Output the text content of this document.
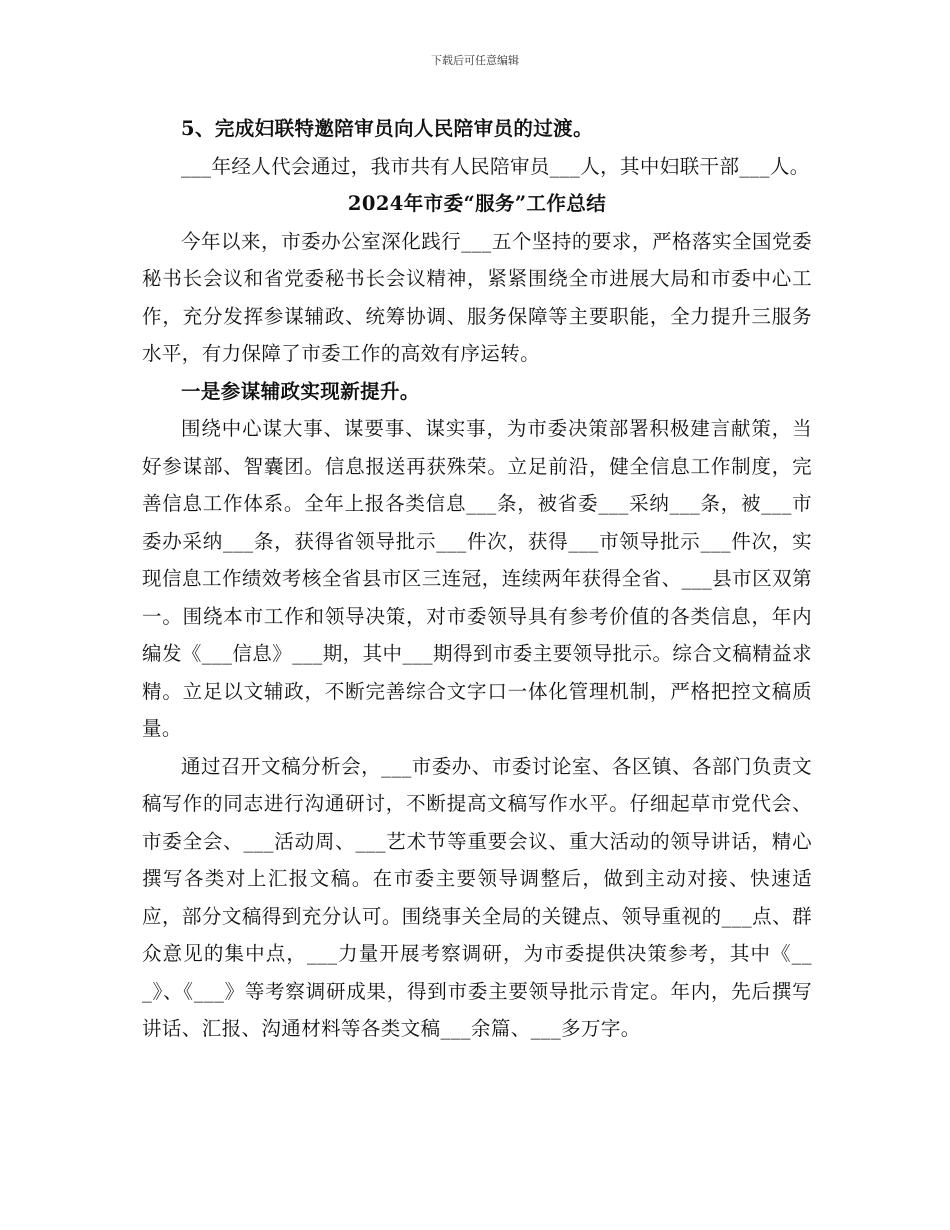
下载后可任意编辑

5、完成妇联特邀陪审员向人民陪审员的过渡。

___年经人代会通过，我市共有人民陪审员___人，其中妇联干部___人。

2024年市委“服务”工作总结

今年以来，市委办公室深化践行___五个坚持的要求，严格落实全国党委秘书长会议和省党委秘书长会议精神，紧紧围绕全市进展大局和市委中心工作，充分发挥参谋辅政、统筹协调、服务保障等主要职能，全力提升三服务水平，有力保障了市委工作的高效有序运转。

一是参谋辅政实现新提升。

围绕中心谋大事、谋要事、谋实事，为市委决策部署积极建言献策，当好参谋部、智囊团。信息报送再获殊荣。立足前沿，健全信息工作制度，完善信息工作体系。全年上报各类信息___条，被省委___采纳___条，被___市委办采纳___条，获得省领导批示___件次，获得___市领导批示___件次，实现信息工作绩效考核全省县市区三连冠，连续两年获得全省、___县市区双第一。围绕本市工作和领导决策，对市委领导具有参考价值的各类信息，年内编发《___信息》___期，其中___期得到市委主要领导批示。综合文稿精益求精。立足以文辅政，不断完善综合文字口一体化管理机制，严格把控文稿质量。

通过召开文稿分析会，___市委办、市委讨论室、各区镇、各部门负责文稿写作的同志进行沟通研讨，不断提高文稿写作水平。仔细起草市党代会、市委全会、___活动周、___艺术节等重要会议、重大活动的领导讲话，精心撰写各类对上汇报文稿。在市委主要领导调整后，做到主动对接、快速适应，部分文稿得到充分认可。围绕事关全局的关键点、领导重视的___点、群众意见的集中点，___力量开展考察调研，为市委提供决策参考，其中《___》、《___》等考察调研成果，得到市委主要领导批示肯定。年内，先后撰写讲话、汇报、沟通材料等各类文稿___余篇、___多万字。
